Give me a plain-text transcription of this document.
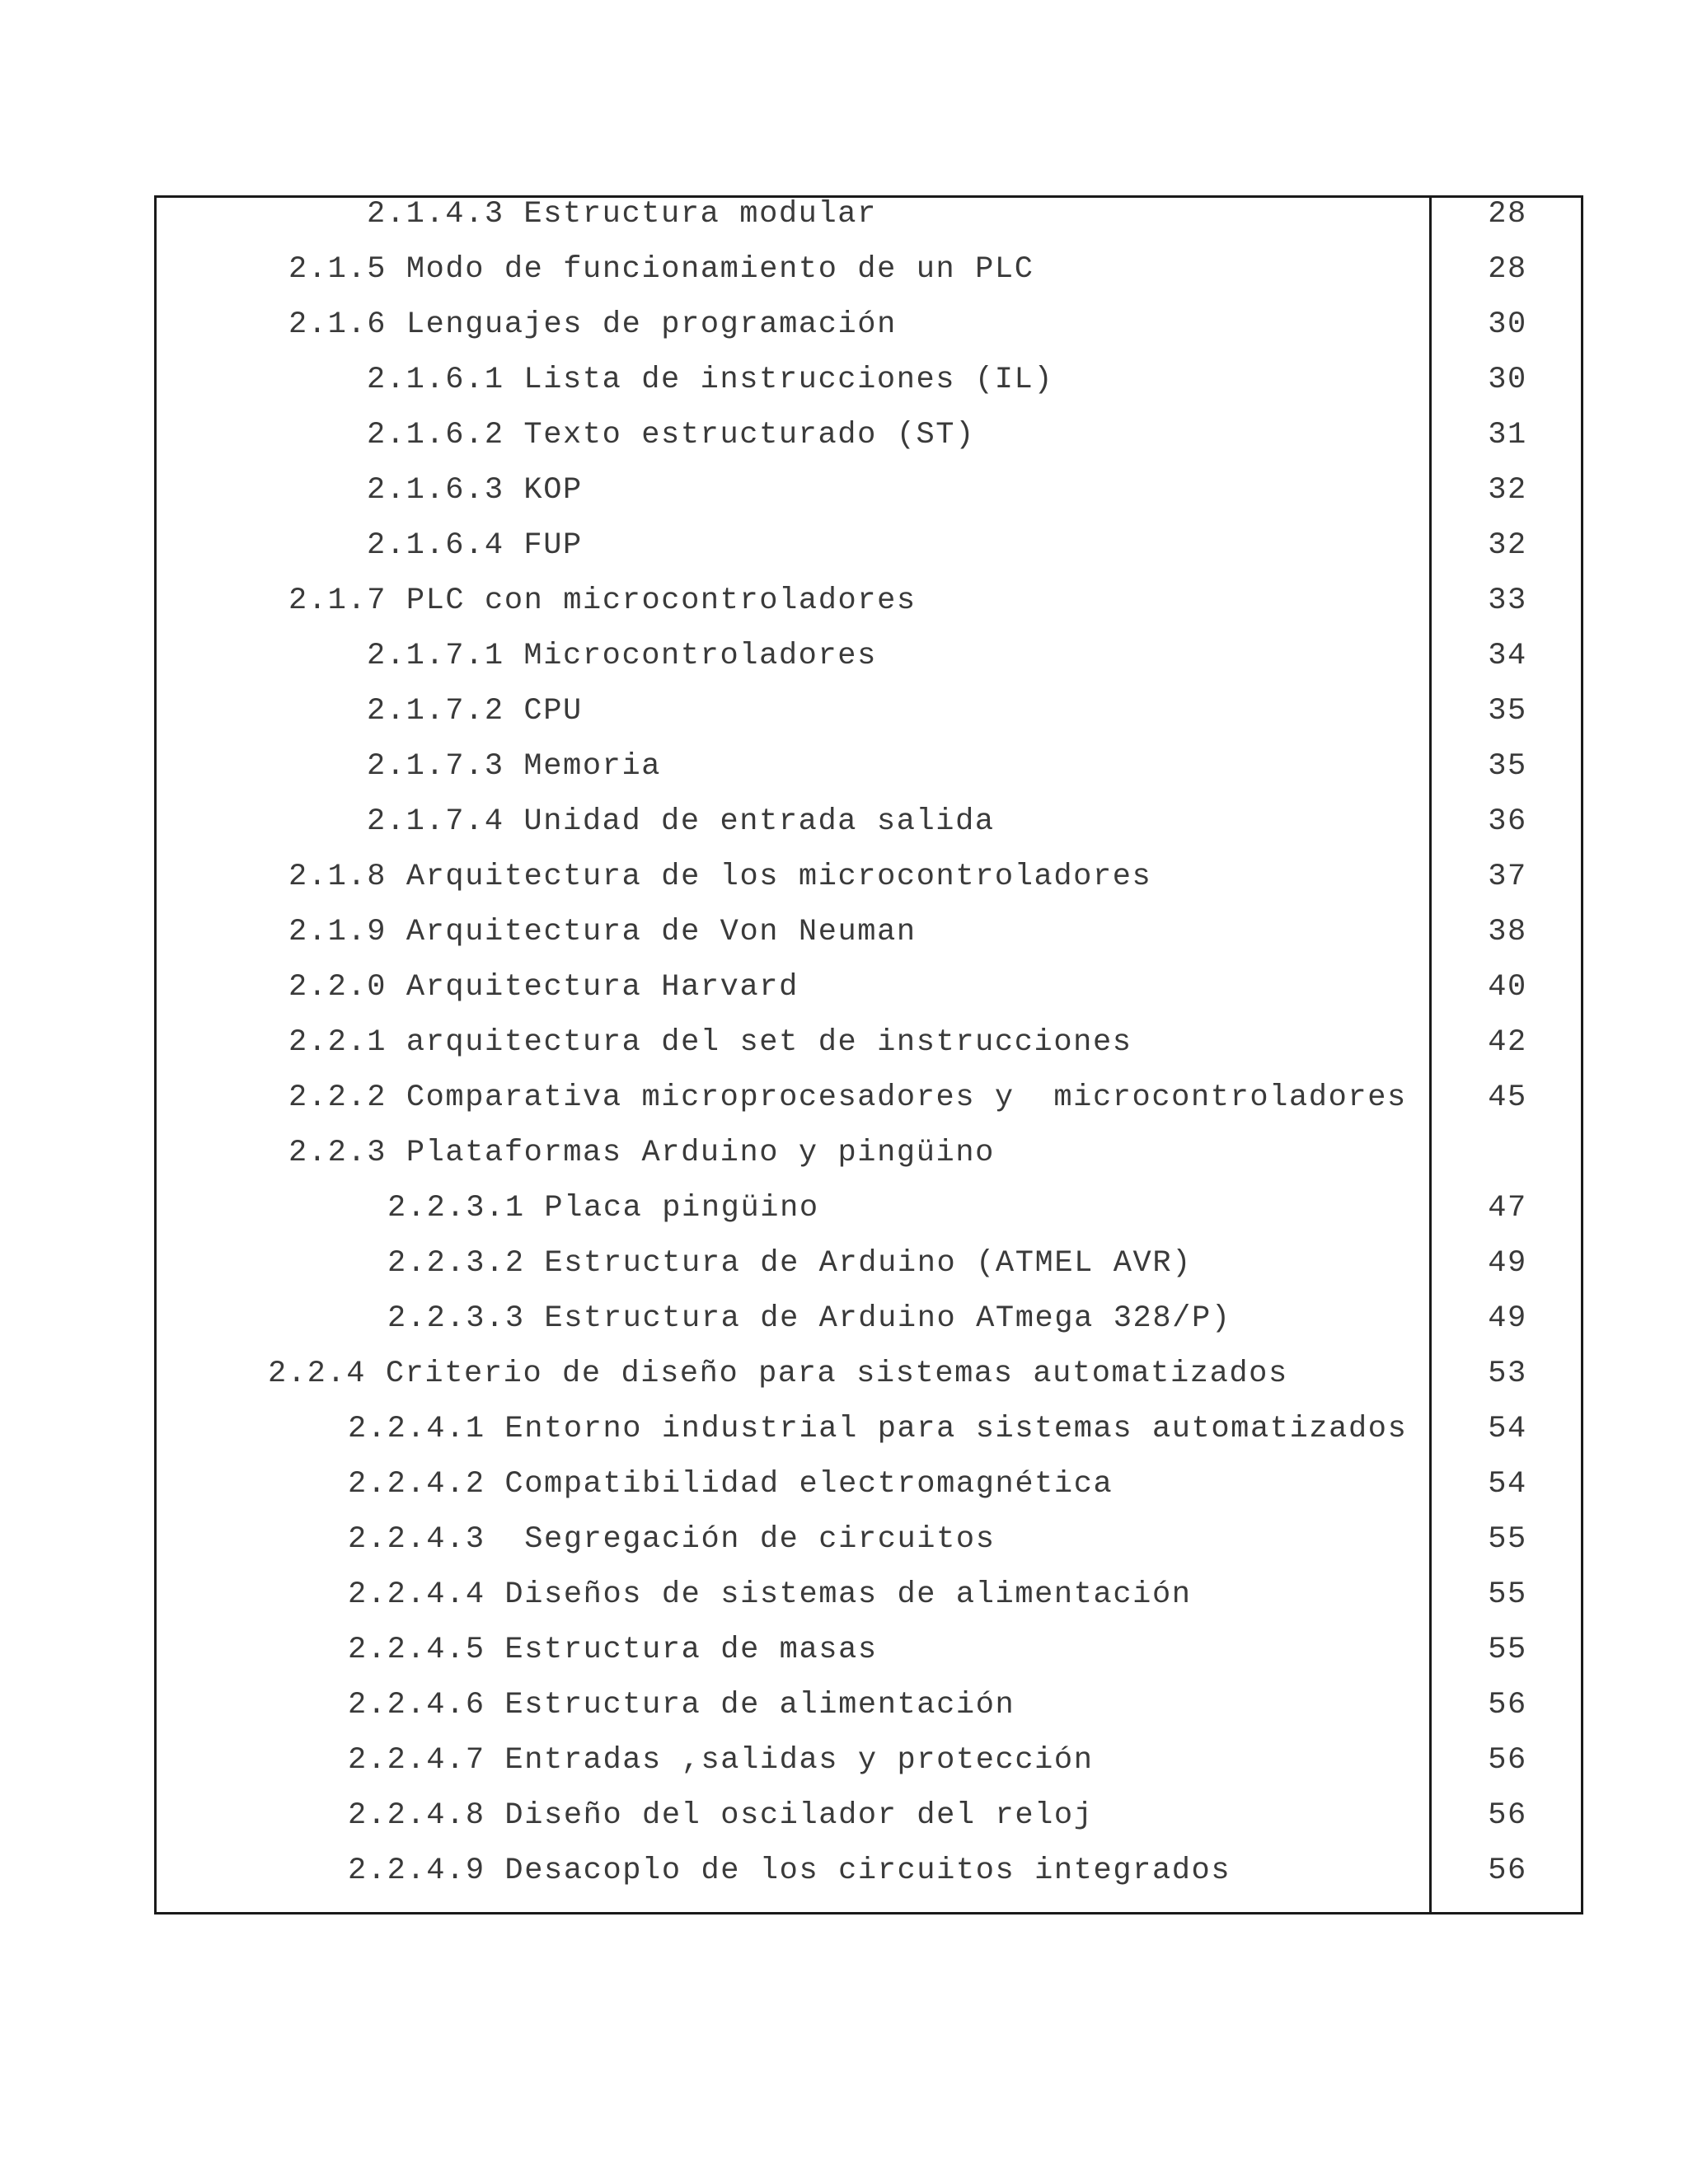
2.1.4.3 Estructura modular	28
2.1.5 Modo de funcionamiento de un PLC	28
2.1.6 Lenguajes de programación	30
2.1.6.1 Lista de instrucciones (IL)	30
2.1.6.2 Texto estructurado (ST)	31
2.1.6.3 KOP	32
2.1.6.4 FUP	32
2.1.7 PLC con microcontroladores	33
2.1.7.1 Microcontroladores	34
2.1.7.2 CPU	35
2.1.7.3 Memoria	35
2.1.7.4 Unidad de entrada salida	36
2.1.8 Arquitectura de los microcontroladores	37
2.1.9 Arquitectura de Von Neuman	38
2.2.0 Arquitectura Harvard	40
2.2.1 arquitectura del set de instrucciones	42
2.2.2 Comparativa microprocesadores y  microcontroladores	45
2.2.3 Plataformas Arduino y pingüino
2.2.3.1 Placa pingüino	47
2.2.3.2 Estructura de Arduino (ATMEL AVR)	49
2.2.3.3 Estructura de Arduino ATmega 328/P)	49
2.2.4 Criterio de diseño para sistemas automatizados	53
2.2.4.1 Entorno industrial para sistemas automatizados	54
2.2.4.2 Compatibilidad electromagnética	54
2.2.4.3  Segregación de circuitos	55
2.2.4.4 Diseños de sistemas de alimentación	55
2.2.4.5 Estructura de masas	55
2.2.4.6 Estructura de alimentación	56
2.2.4.7 Entradas ,salidas y protección	56
2.2.4.8 Diseño del oscilador del reloj	56
2.2.4.9 Desacoplo de los circuitos integrados	56
